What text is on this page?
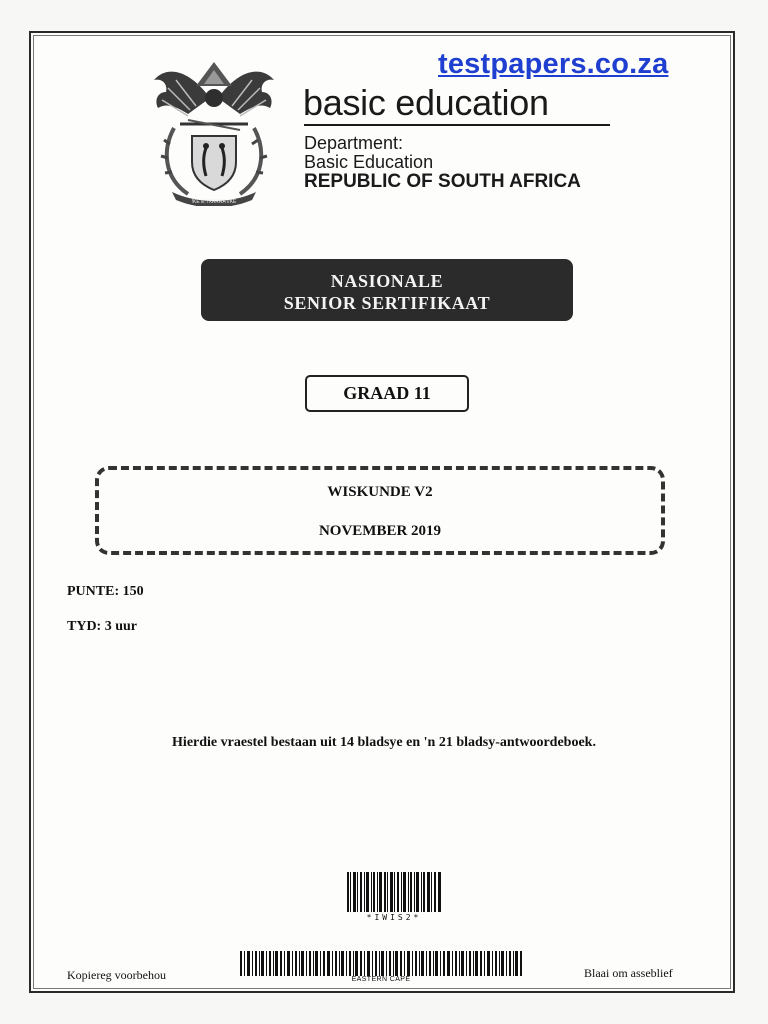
testpapers.co.za
!KE E: /XARRA //KE
basic education
Department:
Basic Education
REPUBLIC OF SOUTH AFRICA
NASIONALE
SENIOR SERTIFIKAAT
GRAAD 11
WISKUNDE V2
NOVEMBER 2019
PUNTE: 150
TYD: 3 uur
Hierdie vraestel bestaan uit 14 bladsye en 'n 21 bladsy-antwoordeboek.
*IWIS2*
EASTERN CAPE
Kopiereg voorbehou	Blaai om asseblief
